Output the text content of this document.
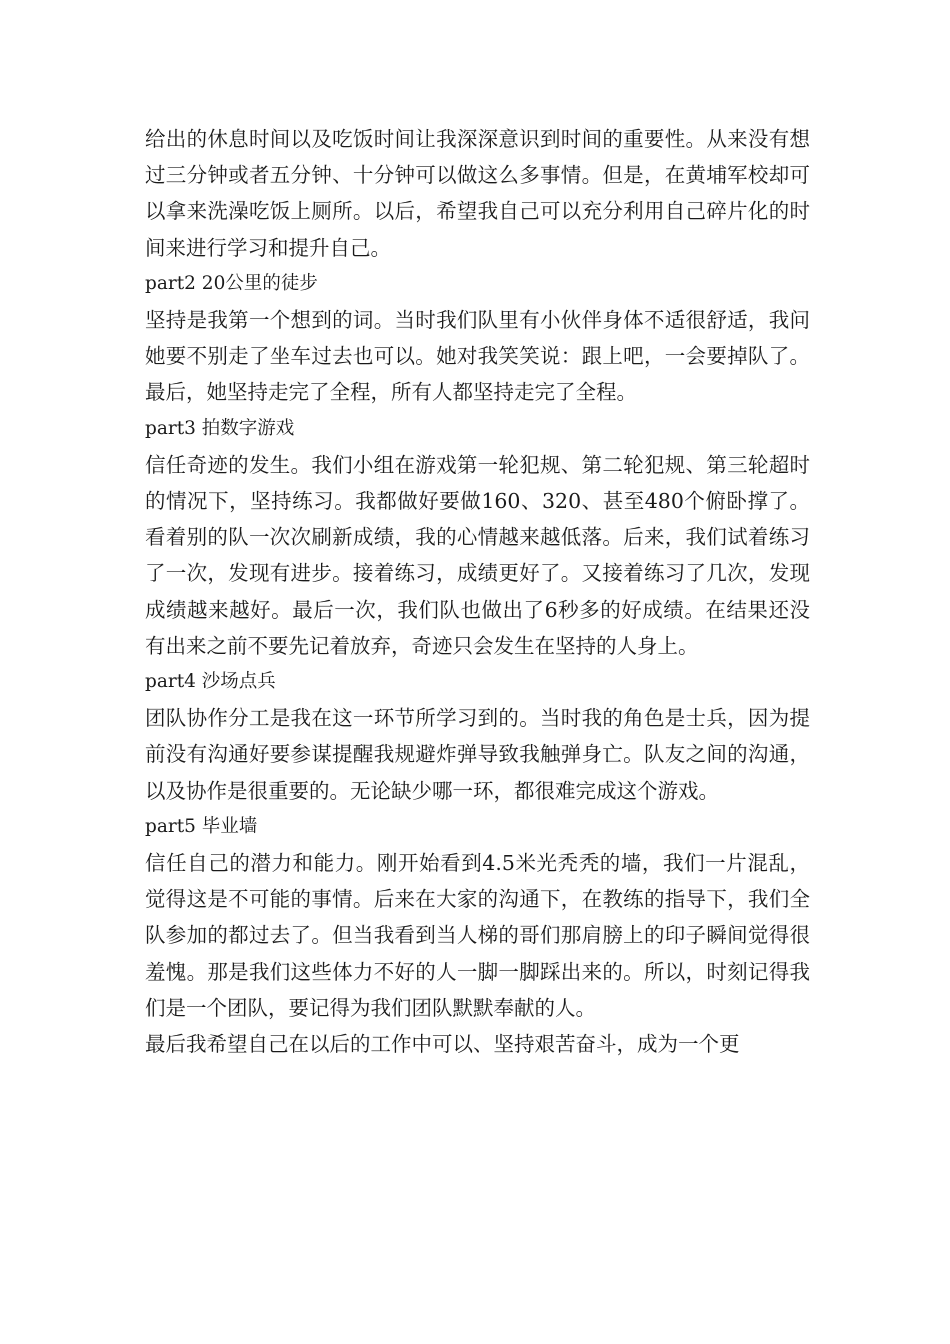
给出的休息时间以及吃饭时间让我深深意识到时间的重要性。从来没有想过三分钟或者五分钟、十分钟可以做这么多事情。但是，在黄埔军校却可以拿来洗澡吃饭上厕所。以后，希望我自己可以充分利用自己碎片化的时间来进行学习和提升自己。

part2 20公里的徒步

坚持是我第一个想到的词。当时我们队里有小伙伴身体不适很舒适，我问她要不别走了坐车过去也可以。她对我笑笑说：跟上吧，一会要掉队了。最后，她坚持走完了全程，所有人都坚持走完了全程。

part3 拍数字游戏

信任奇迹的发生。我们小组在游戏第一轮犯规、第二轮犯规、第三轮超时的情况下，坚持练习。我都做好要做160、320、甚至480个俯卧撑了。看着别的队一次次刷新成绩，我的心情越来越低落。后来，我们试着练习了一次，发现有进步。接着练习，成绩更好了。又接着练习了几次，发现成绩越来越好。最后一次，我们队也做出了6秒多的好成绩。在结果还没有出来之前不要先记着放弃，奇迹只会发生在坚持的人身上。

part4 沙场点兵

团队协作分工是我在这一环节所学习到的。当时我的角色是士兵，因为提前没有沟通好要参谋提醒我规避炸弹导致我触弹身亡。队友之间的沟通，以及协作是很重要的。无论缺少哪一环，都很难完成这个游戏。

part5 毕业墙

信任自己的潜力和能力。刚开始看到4.5米光秃秃的墙，我们一片混乱，觉得这是不可能的事情。后来在大家的沟通下，在教练的指导下，我们全队参加的都过去了。但当我看到当人梯的哥们那肩膀上的印子瞬间觉得很羞愧。那是我们这些体力不好的人一脚一脚踩出来的。所以，时刻记得我们是一个团队，要记得为我们团队默默奉献的人。

最后我希望自己在以后的工作中可以、坚持艰苦奋斗，成为一个更
